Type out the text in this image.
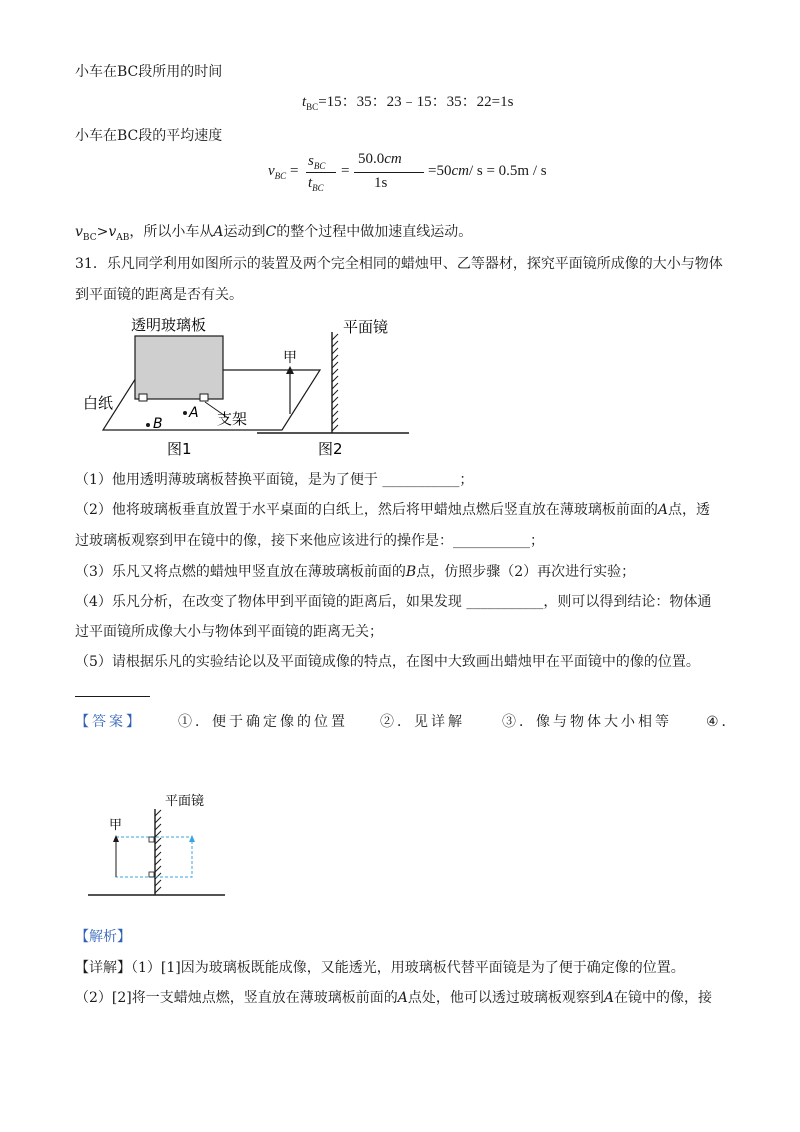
小车在BC段所用的时间
$t_{BC}=15$：35：23﹣15：35：22=1s
小车在BC段的平均速度
$v_{BC}$ =
$s_{BC}$
$t_{BC}$
=
50.0cm
1s
=50cm/ s = 0.5m / s
$v_{BC}>v_{AB}$，所以小车从A运动到C的整个过程中做加速直线运动。
31．乐凡同学利用如图所示的装置及两个完全相同的蜡烛甲、乙等器材，探究平面镜所成像的大小与物体
到平面镜的距离是否有关。
透明玻璃板
白纸
B
A 支架
图1
甲
平面镜
图2
（1）他用透明薄玻璃板替换平面镜，是为了便于 ___________；
（2）他将玻璃板垂直放置于水平桌面的白纸上，然后将甲蜡烛点燃后竖直放在薄玻璃板前面的A点，透
过玻璃板观察到甲在镜中的像，接下来他应该进行的操作是：___________；
（3）乐凡又将点燃的蜡烛甲竖直放在薄玻璃板前面的B点，仿照步骤（2）再次进行实验；
（4）乐凡分析，在改变了物体甲到平面镜的距离后，如果发现 ___________，则可以得到结论：物体通
过平面镜所成像大小与物体到平面镜的距离无关；
（5）请根据乐凡的实验结论以及平面镜成像的特点，在图中大致画出蜡烛甲在平面镜中的像的位置。
【答案】	①．便于确定像的位置 ②．见详解	③．像与物体大小相等 ④．
甲
平面镜
【解析】
【详解】（1）[1]因为玻璃板既能成像，又能透光，用玻璃板代替平面镜是为了便于确定像的位置。
（2）[2]将一支蜡烛点燃，竖直放在薄玻璃板前面的A点处，他可以透过玻璃板观察到A在镜中的像，接
